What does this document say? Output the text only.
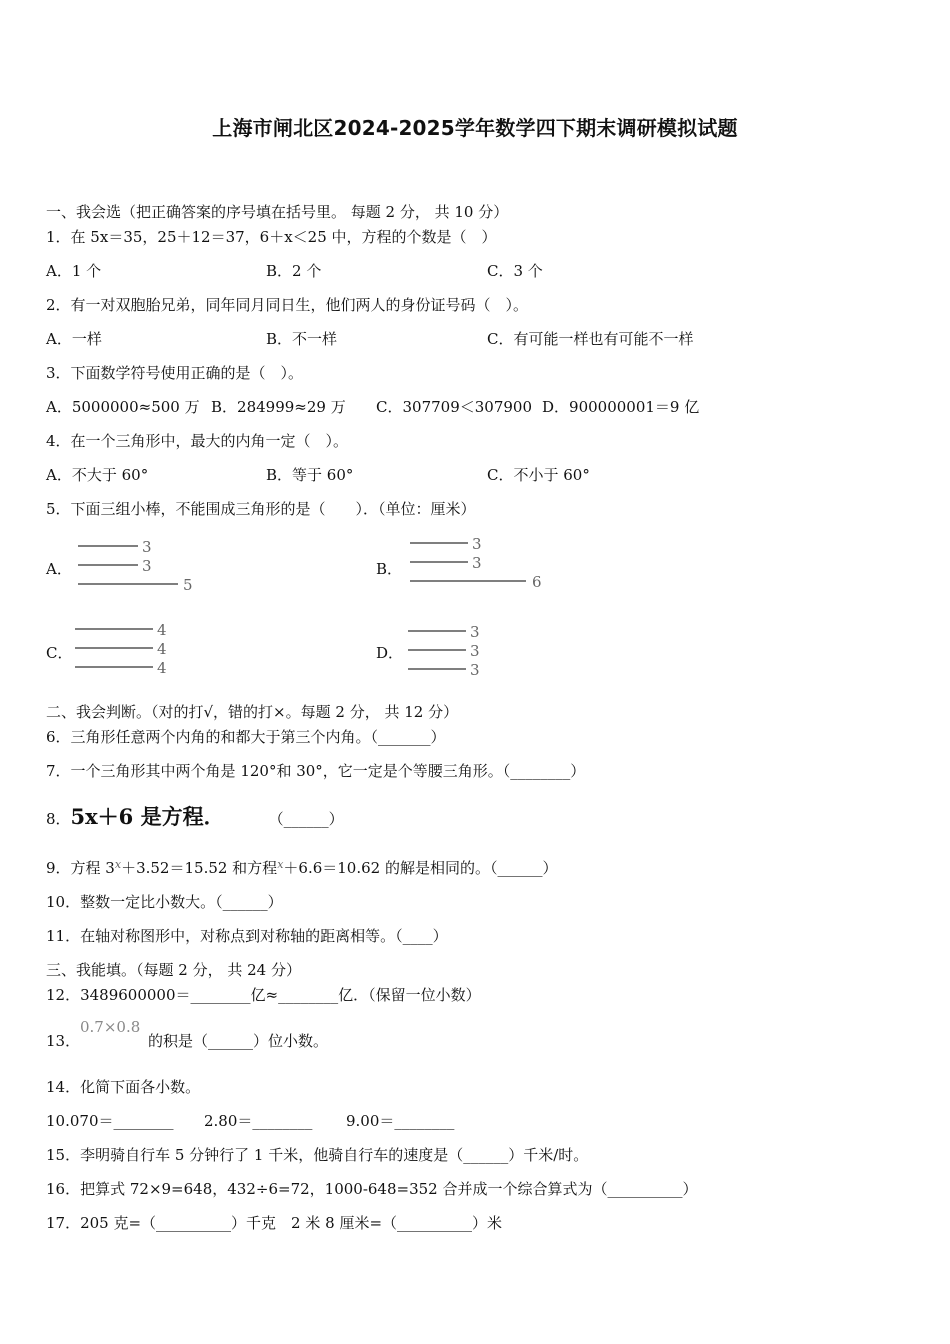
上海市闸北区2024-2025学年数学四下期末调研模拟试题
一、我会选（把正确答案的序号填在括号里。 每题 2 分， 共 10 分）
1．在 5x＝35，25＋12＝37，6＋x＜25 中，方程的个数是（　）
A．1 个	B．2 个	C．3 个
2．有一对双胞胎兄弟，同年同月同日生，他们两人的身份证号码（　）。
A．一样	B．不一样	C．有可能一样也有可能不一样
3．下面数学符号使用正确的是（　）。
A．5000000≈500 万 B．284999≈29 万 C．307709＜307900 D．900000001＝9 亿
4．在一个三角形中，最大的内角一定（　）。
A．不大于 60°	B．等于 60°	C．不小于 60°
5．下面三组小棒，不能围成三角形的是（　　）．（单位：厘米）
A．
3
3
5
B．
3
3
6
C．
4
4
4
D．
3
3
3
二、我会判断。（对的打√，错的打×。每题 2 分， 共 12 分）
6．三角形任意两个内角的和都大于第三个内角。（_______）
7．一个三角形其中两个角是 120°和 30°，它一定是个等腰三角形。（________）
8．5x＋6 是方程．	（______）
9．方程 $3^x+3.52=15.52$ 和方程$^x$＋6.6＝10.62 的解是相同的。（______）
10．整数一定比小数大。（______）
11．在轴对称图形中，对称点到对称轴的距离相等。（____）
三、我能填。（每题 2 分， 共 24 分）
12．3489600000＝________亿≈________亿．（保留一位小数）
13．
0.7×0.8
的积是（______）位小数。
14．化简下面各小数。
10.070＝________ 2.80＝________ 9.00＝________
15．李明骑自行车 5 分钟行了 1 千米，他骑自行车的速度是（______）千米/时。
16．把算式 72×9=648，432÷6=72，1000-648=352 合并成一个综合算式为（__________）
17．205 克=（__________）千克　2 米 8 厘米=（__________）米
